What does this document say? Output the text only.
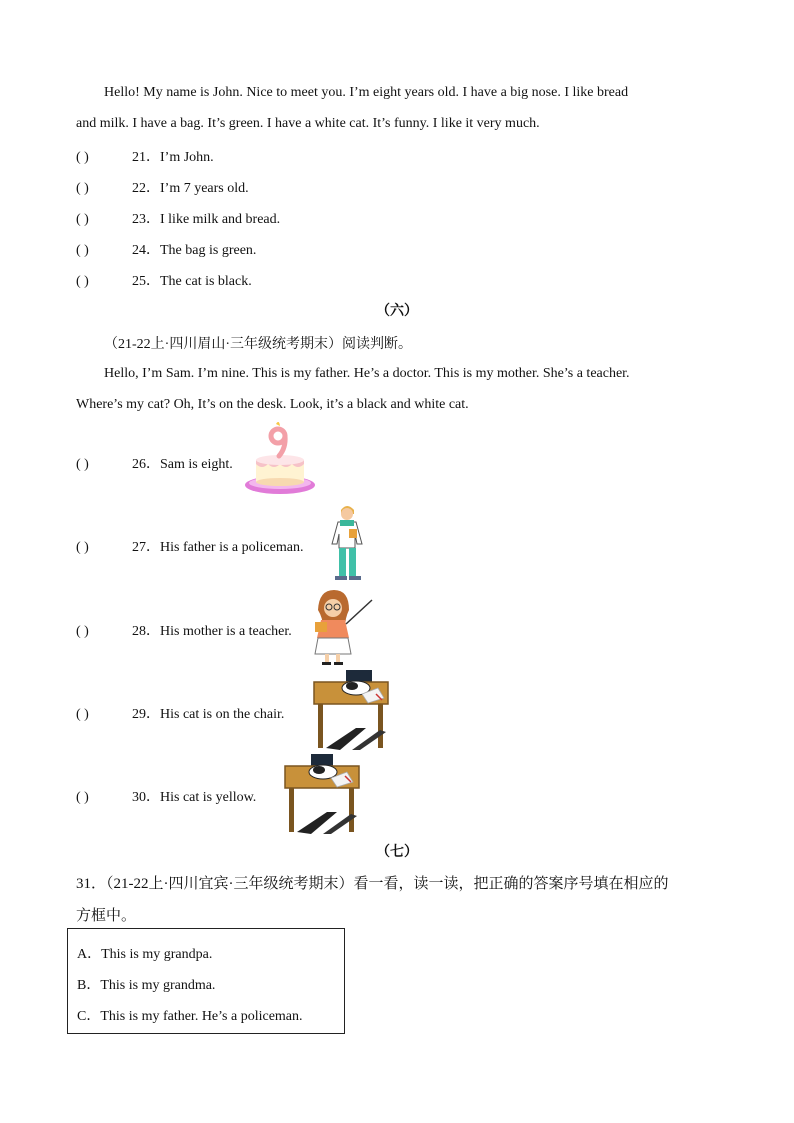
Hello! My name is John. Nice to meet you. I’m eight years old. I have a big nose. I like bread
and milk. I have a bag. It’s green. I have a white cat. It’s funny. I like it very much.
( )	21．I’m John.
( )	22．I’m 7 years old.
( )	23．I like milk and bread.
( )	24．The bag is green.
( )	25．The cat is black.
（六）
（21-22上·四川眉山·三年级统考期末）阅读判断。
Hello, I’m Sam. I’m nine. This is my father. He’s a doctor. This is my mother. She’s a teacher.
Where’s my cat? Oh, It’s on the desk. Look, it’s a black and white cat.
( )	26．Sam is eight.
( )	27．His father is a policeman.
( )	28．His mother is a teacher.
( )	29．His cat is on the chair.
( )	30．His cat is yellow.
（七）
31．（21-22上·四川宜宾·三年级统考期末）看一看，读一读，把正确的答案序号填在相应的
方框中。
A．This is my grandpa.
B．This is my grandma.
C．This is my father. He’s a policeman.
